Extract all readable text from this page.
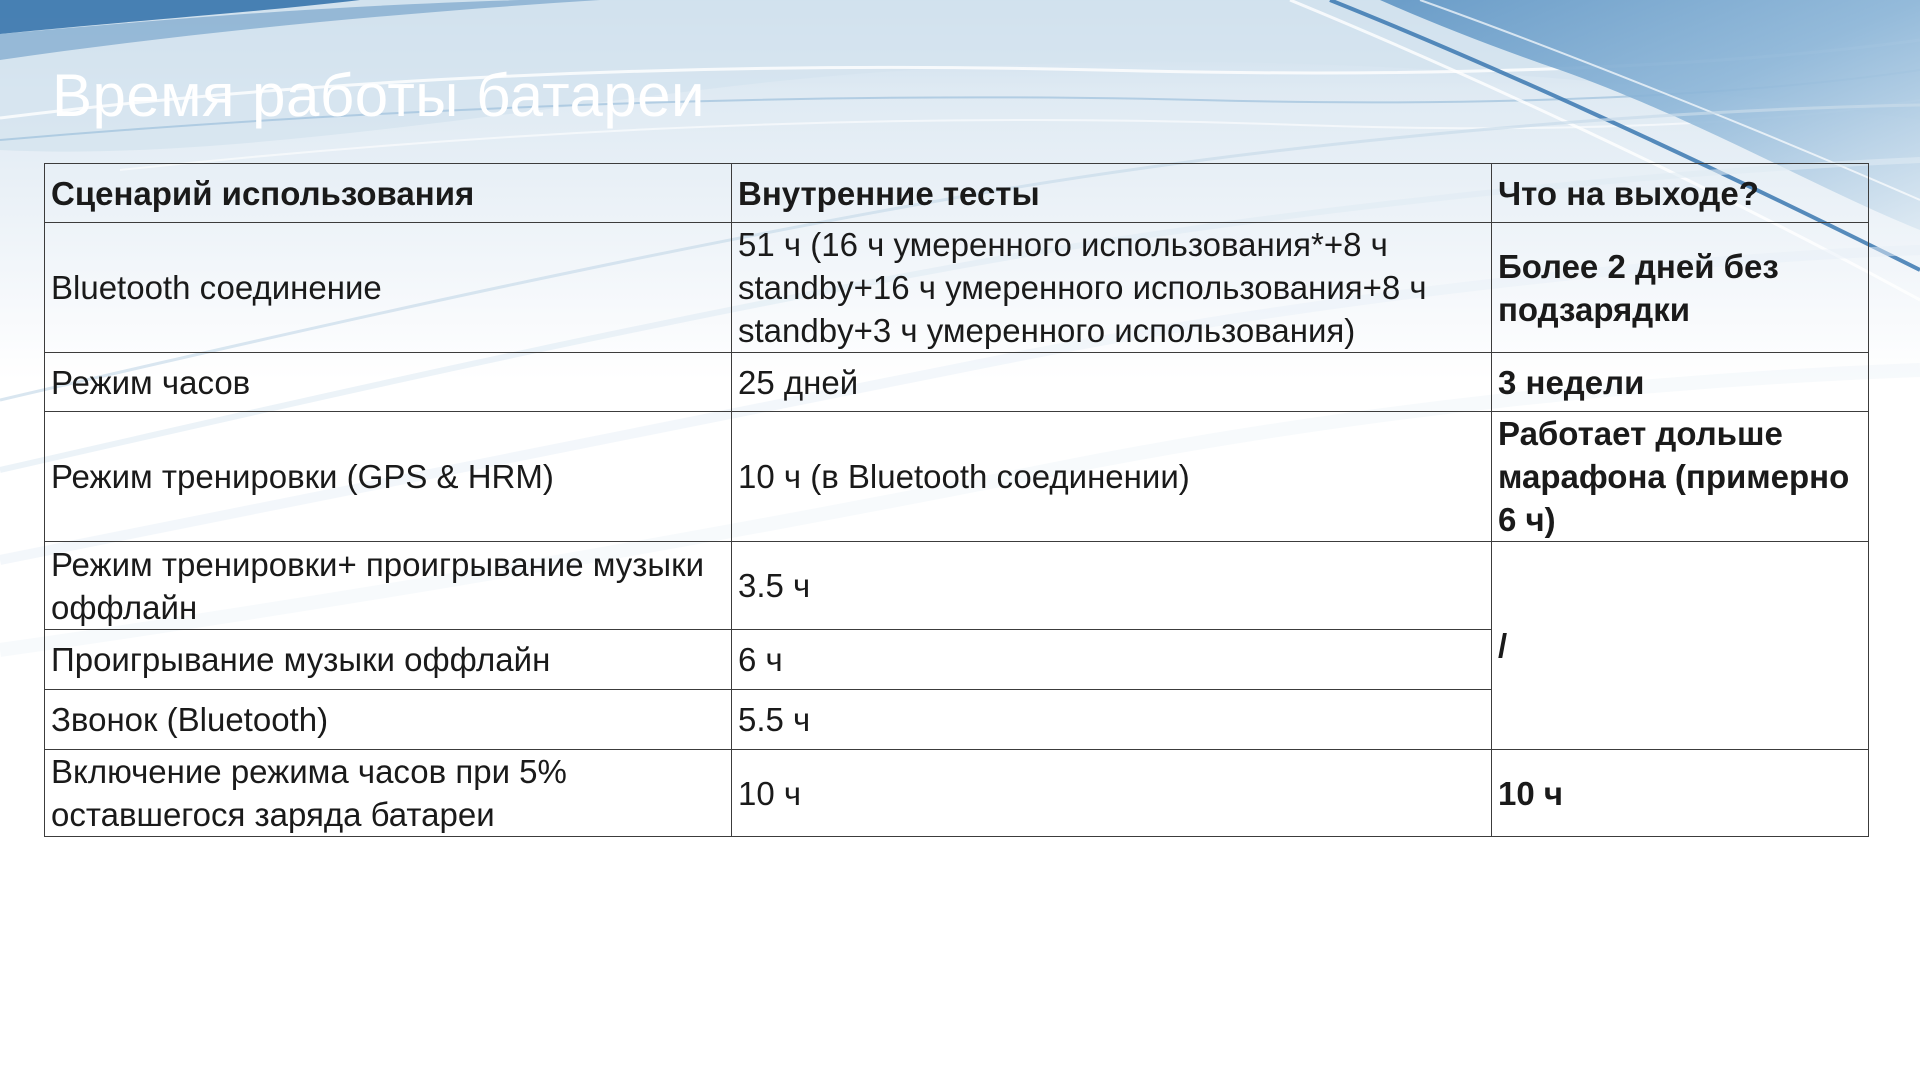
Время работы батареи
Сценарий использования	Внутренние тесты	Что на выходе?
Bluetooth соединение	51 ч (16 ч умеренного использования*+8 ч standby+16 ч умеренного использования+8 ч standby+3 ч умеренного использования)	Более 2 дней без подзарядки
Режим часов	25 дней	3 недели
Режим тренировки (GPS & HRM)	10 ч (в Bluetooth соединении)	Работает дольше марафона (примерно 6 ч)
Режим тренировки+ проигрывание музыки оффлайн	3.5 ч	/
Проигрывание музыки оффлайн	6 ч	
Звонок (Bluetooth)	5.5 ч	
Включение режима часов при 5% оставшегося заряда батареи	10 ч	10 ч
